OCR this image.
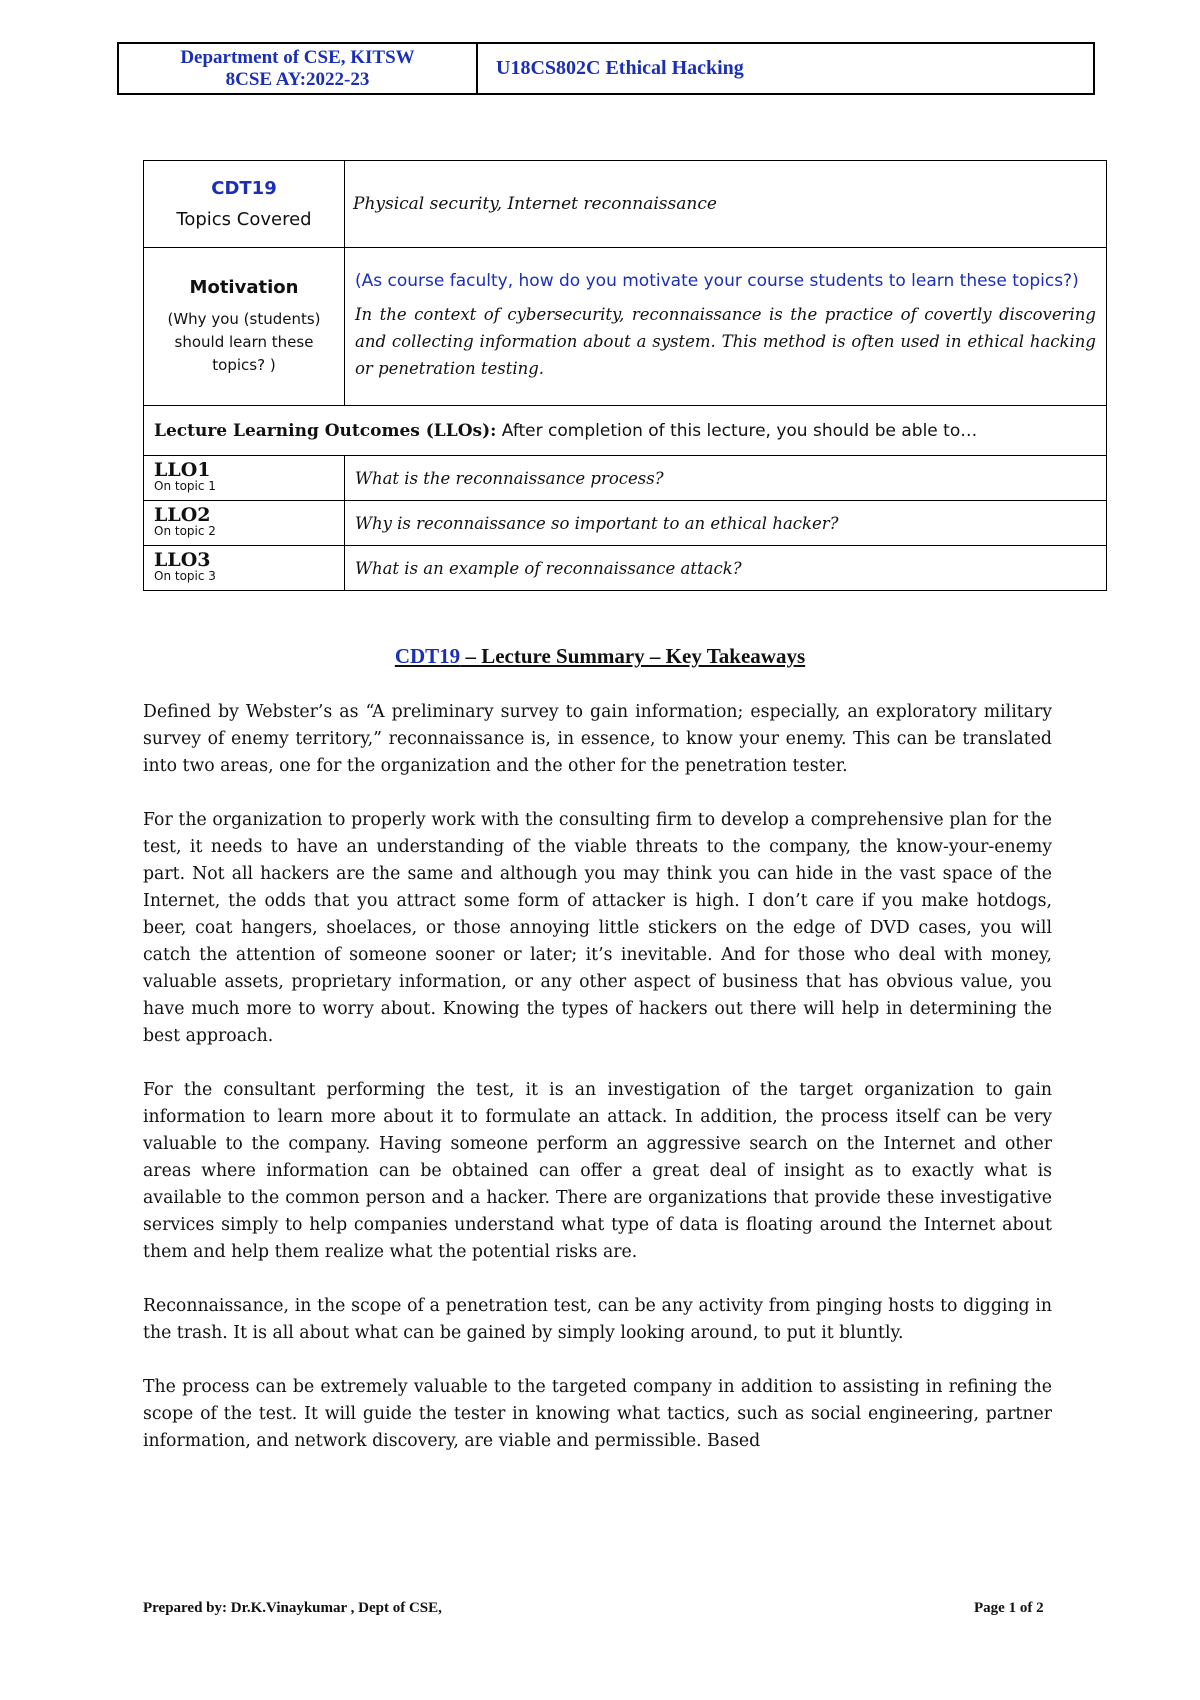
Department of CSE, KITSW
8CSE AY:2022-23	U18CS802C Ethical Hacking
CDT19
Topics Covered	Physical security, Internet reconnaissance

Motivation
(Why you (students) should learn these topics? )	(As course faculty, how do you motivate your course students to learn these topics?)
In the context of cybersecurity, reconnaissance is the practice of covertly discovering and collecting information about a system. This method is often used in ethical hacking or penetration testing.

Lecture Learning Outcomes (LLOs): After completion of this lecture, you should be able to…	

LLO1
On topic 1	What is the reconnaissance process?

LLO2
On topic 2	Why is reconnaissance so important to an ethical hacker?

LLO3
On topic 3	What is an example of reconnaissance attack?
CDT19 – Lecture Summary – Key Takeaways

Defined by Webster’s as “A preliminary survey to gain information; especially, an exploratory military survey of enemy territory,” reconnaissance is, in essence, to know your enemy. This can be translated into two areas, one for the organization and the other for the penetration tester.

For the organization to properly work with the consulting firm to develop a comprehensive plan for the test, it needs to have an understanding of the viable threats to the company, the know-your-enemy part. Not all hackers are the same and although you may think you can hide in the vast space of the Internet, the odds that you attract some form of attacker is high. I don’t care if you make hotdogs, beer, coat hangers, shoelaces, or those annoying little stickers on the edge of DVD cases, you will catch the attention of someone sooner or later; it’s inevitable. And for those who deal with money, valuable assets, proprietary information, or any other aspect of business that has obvious value, you have much more to worry about. Knowing the types of hackers out there will help in determining the best approach.

For the consultant performing the test, it is an investigation of the target organization to gain information to learn more about it to formulate an attack. In addition, the process itself can be very valuable to the company. Having someone perform an aggressive search on the Internet and other areas where information can be obtained can offer a great deal of insight as to exactly what is available to the common person and a hacker. There are organizations that provide these investigative services simply to help companies understand what type of data is floating around the Internet about them and help them realize what the potential risks are.

Reconnaissance, in the scope of a penetration test, can be any activity from pinging hosts to digging in the trash. It is all about what can be gained by simply looking around, to put it bluntly.

The process can be extremely valuable to the targeted company in addition to assisting in refining the scope of the test. It will guide the tester in knowing what tactics, such as social engineering, partner information, and network discovery, are viable and permissible. Based

Prepared by: Dr.K.Vinaykumar , Dept of CSE,	Page 1 of 2
